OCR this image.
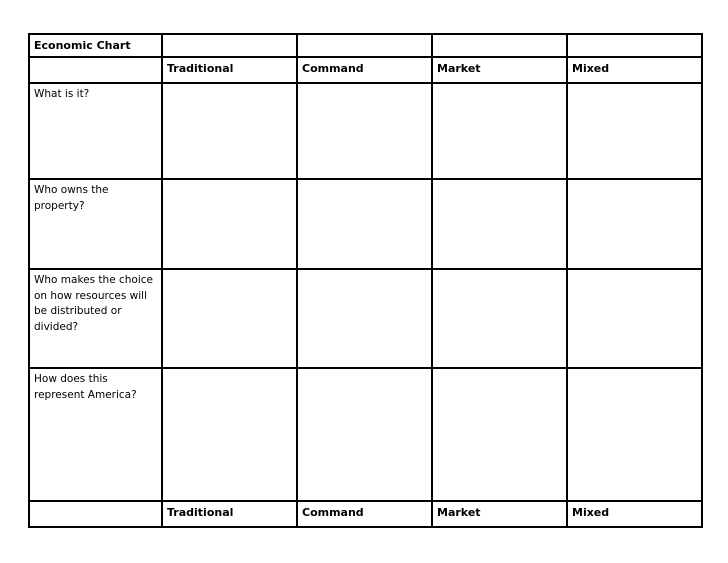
Economic Chart				
	Traditional	Command	Market	Mixed
What is it?				
Who owns the property?				
Who makes the choice on how resources will be distributed or divided?				
How does this represent America?				
	Traditional	Command	Market	Mixed
